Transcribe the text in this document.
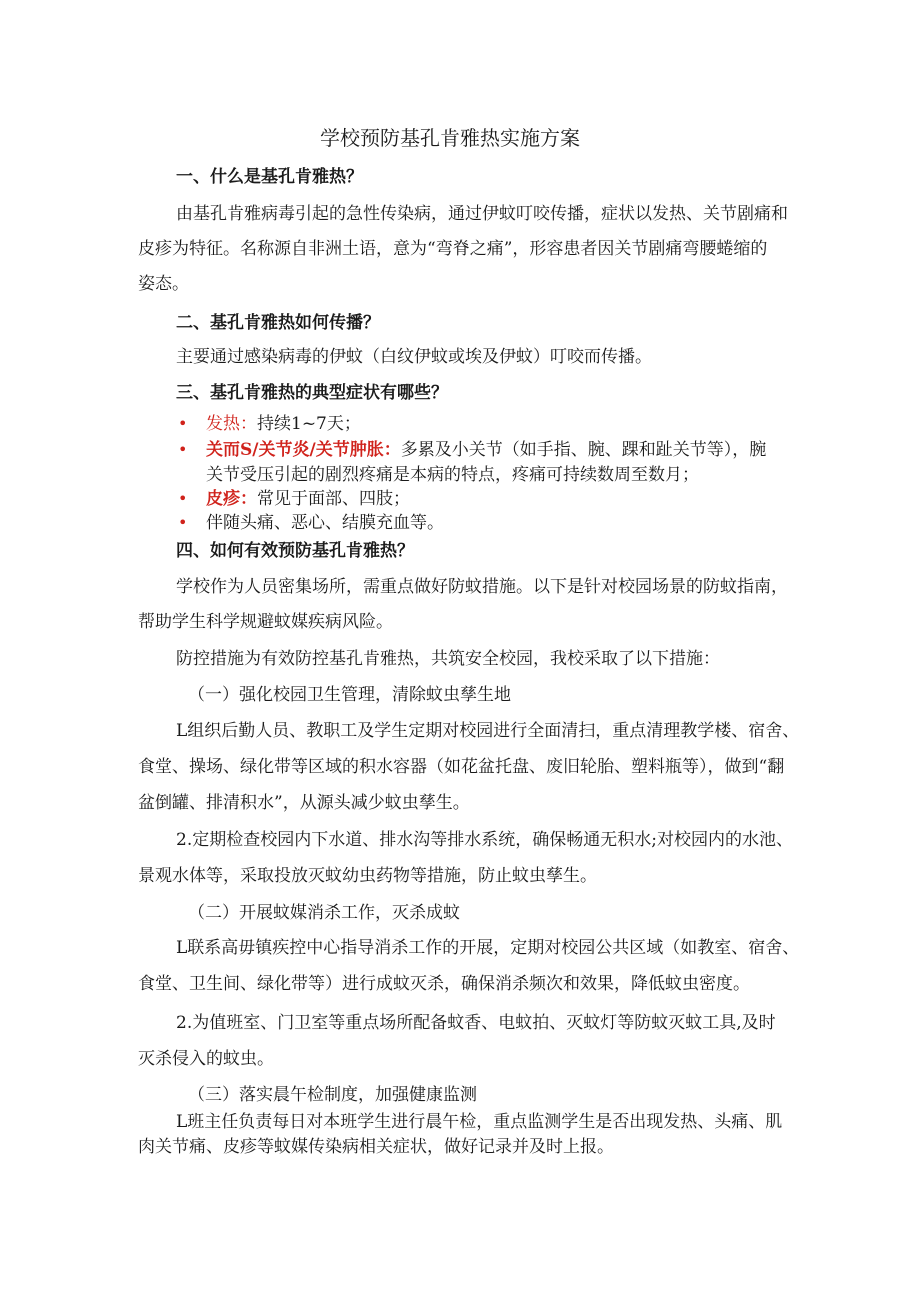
学校预防基孔肯雅热实施方案
一、什么是基孔肯雅热？
由基孔肯雅病毒引起的急性传染病，通过伊蚊叮咬传播，症状以发热、关节剧痛和
皮疹为特征。名称源自非洲土语，意为“弯脊之痛”，形容患者因关节剧痛弯腰蜷缩的
姿态。
二、基孔肯雅热如何传播？
主要通过感染病毒的伊蚊（白纹伊蚊或埃及伊蚊）叮咬而传播。
三、基孔肯雅热的典型症状有哪些？
• 发热：持续1~7天；
• 关而S/关节炎/关节肿胀：多累及小关节（如手指、腕、踝和趾关节等），腕
关节受压引起的剧烈疼痛是本病的特点，疼痛可持续数周至数月；
• 皮疹：常见于面部、四肢；
• 伴随头痛、恶心、结膜充血等。
四、如何有效预防基孔肯雅热？
学校作为人员密集场所，需重点做好防蚊措施。以下是针对校园场景的防蚊指南，
帮助学生科学规避蚊媒疾病风险。
防控措施为有效防控基孔肯雅热，共筑安全校园，我校采取了以下措施：
（一）强化校园卫生管理，清除蚊虫孳生地
L组织后勤人员、教职工及学生定期对校园进行全面清扫，重点清理教学楼、宿舍、
食堂、操场、绿化带等区域的积水容器（如花盆托盘、废旧轮胎、塑料瓶等），做到“翻
盆倒罐、排清积水”，从源头减少蚊虫孳生。
2.定期检查校园内下水道、排水沟等排水系统，确保畅通无积水;对校园内的水池、
景观水体等，采取投放灭蚊幼虫药物等措施，防止蚊虫孳生。
（二）开展蚊媒消杀工作，灭杀成蚊
L联系高毋镇疾控中心指导消杀工作的开展，定期对校园公共区域（如教室、宿舍、
食堂、卫生间、绿化带等）进行成蚊灭杀，确保消杀频次和效果，降低蚊虫密度。
2.为值班室、门卫室等重点场所配备蚊香、电蚊拍、灭蚊灯等防蚊灭蚊工具,及时
灭杀侵入的蚊虫。
（三）落实晨午检制度，加强健康监测
L班主任负责每日对本班学生进行晨午检，重点监测学生是否出现发热、头痛、肌
肉关节痛、皮疹等蚊媒传染病相关症状，做好记录并及时上报。
